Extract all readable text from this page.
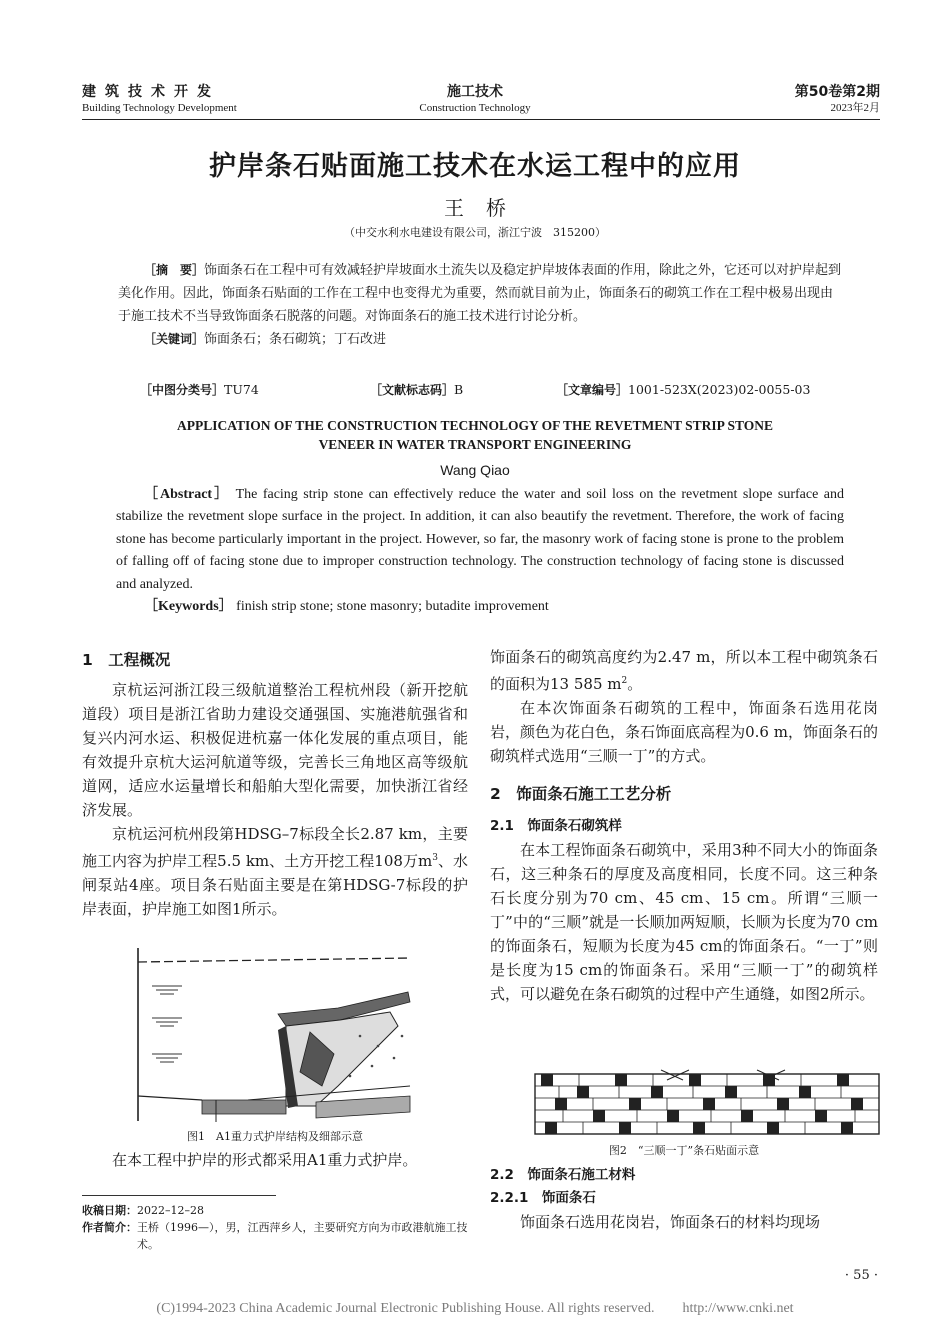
建筑技术开发
Building Technology Development
施工技术
Construction Technology
第50卷第2期
2023年2月
护岸条石贴面施工技术在水运工程中的应用
王桥
（中交水利水电建设有限公司，浙江宁波　315200）
［摘　要］饰面条石在工程中可有效减轻护岸坡面水土流失以及稳定护岸坡体表面的作用，除此之外，它还可以对护岸起到美化作用。因此，饰面条石贴面的工作在工程中也变得尤为重要，然而就目前为止，饰面条石的砌筑工作在工程中极易出现由于施工技术不当导致饰面条石脱落的问题。对饰面条石的施工技术进行讨论分析。
［关键词］饰面条石；条石砌筑；丁石改进
［中图分类号］TU74	［文献标志码］B	［文章编号］1001-523X(2023)02-0055-03
APPLICATION OF THE CONSTRUCTION TECHNOLOGY OF THE REVETMENT STRIP STONE
VENEER IN WATER TRANSPORT ENGINEERING
Wang Qiao
［Abstract］ The facing strip stone can effectively reduce the water and soil loss on the revetment slope surface and stabilize the revetment slope surface in the project. In addition, it can also beautify the revetment. Therefore, the work of facing stone has become particularly important in the project. However, so far, the masonry work of facing stone is prone to the problem of falling off of facing stone due to improper construction technology. The construction technology of facing stone is discussed and analyzed.
［Keywords］ finish strip stone; stone masonry; butadite improvement
1　工程概况

京杭运河浙江段三级航道整治工程杭州段（新开挖航道段）项目是浙江省助力建设交通强国、实施港航强省和复兴内河水运、积极促进杭嘉一体化发展的重点项目，能有效提升京杭大运河航道等级，完善长三角地区高等级航道网，适应水运量增长和船舶大型化需要，加快浙江省经济发展。

京杭运河杭州段第HDSG–7标段全长2.87 km，主要施工内容为护岸工程5.5 km、土方开挖工程108万$m^3$、水闸泵站4座。项目条石贴面主要是在第HDSG-7标段的护岸表面，护岸施工如图1所示。

图1　A1重力式护岸结构及细部示意

在本工程中护岸的形式都采用A1重力式护岸。

收稿日期：2022–12–28
作者简介：王桥（1996—），男，江西萍乡人，主要研究方向为市政港航施工技术。
饰面条石的砌筑高度约为2.47 m，所以本工程中砌筑条石的面积为13 585 $m^2$。

在本次饰面条石砌筑的工程中，饰面条石选用花岗岩，颜色为花白色，条石饰面底高程为0.6 m，饰面条石的砌筑样式选用“三顺一丁”的方式。

2　饰面条石施工工艺分析
2.1　饰面条石砌筑样

在本工程饰面条石砌筑中，采用3种不同大小的饰面条石，这三种条石的厚度及高度相同，长度不同。这三种条石长度分别为70 cm、45 cm、15 cm。所谓“三顺一丁”中的“三顺”就是一长顺加两短顺，长顺为长度为70 cm的饰面条石，短顺为长度为45 cm的饰面条石。“一丁”则是长度为15 cm的饰面条石。采用“三顺一丁”的砌筑样式，可以避免在条石砌筑的过程中产生通缝，如图2所示。

图2　“三顺一丁”条石贴面示意
2.2　饰面条石施工材料
2.2.1　饰面条石

饰面条石选用花岗岩，饰面条石的材料均现场

· 55 ·
(C)1994-2023 China Academic Journal Electronic Publishing House. All rights reserved.　　http://www.cnki.net
